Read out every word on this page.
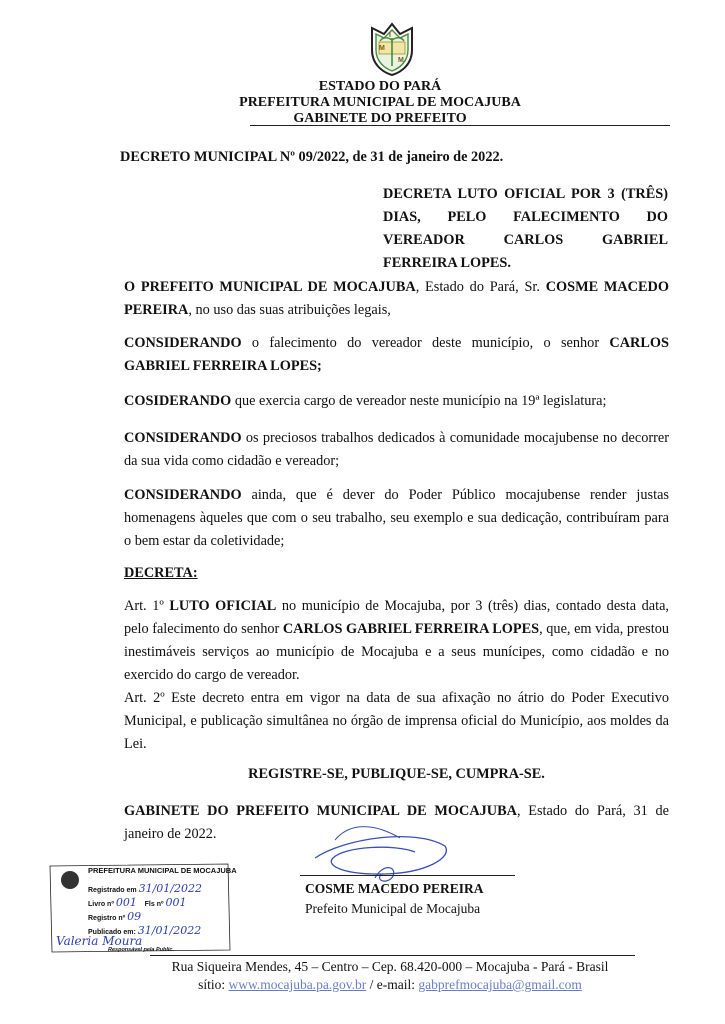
M
I
M
ESTADO DO PARÁ
PREFEITURA MUNICIPAL DE MOCAJUBA
GABINETE DO PREFEITO
DECRETO MUNICIPAL Nº 09/2022, de 31 de janeiro de 2022.
DECRETA LUTO OFICIAL POR 3 (TRÊS)
DIAS, PELO FALECIMENTO DO
VEREADOR CARLOS GABRIEL
FERREIRA LOPES.
O PREFEITO MUNICIPAL DE MOCAJUBA, Estado do Pará, Sr. COSME MACEDO PEREIRA, no uso das suas atribuições legais,
CONSIDERANDO o falecimento do vereador deste município, o senhor CARLOS GABRIEL FERREIRA LOPES;
COSIDERANDO que exercia cargo de vereador neste município na 19ª legislatura;
CONSIDERANDO os preciosos trabalhos dedicados à comunidade mocajubense no decorrer da sua vida como cidadão e vereador;
CONSIDERANDO ainda, que é dever do Poder Público mocajubense render justas homenagens àqueles que com o seu trabalho, seu exemplo e sua dedicação, contribuíram para o bem estar da coletividade;
DECRETA:
Art. 1º LUTO OFICIAL no município de Mocajuba, por 3 (três) dias, contado desta data, pelo falecimento do senhor CARLOS GABRIEL FERREIRA LOPES, que, em vida, prestou inestimáveis serviços ao município de Mocajuba e a seus munícipes, como cidadão e no exercido do cargo de vereador.
Art. 2º Este decreto entra em vigor na data de sua afixação no átrio do Poder Executivo Municipal, e publicação simultânea no órgão de imprensa oficial do Município, aos moldes da Lei.
REGISTRE-SE, PUBLIQUE-SE, CUMPRA-SE.
GABINETE DO PREFEITO MUNICIPAL DE MOCAJUBA, Estado do Pará, 31 de janeiro de 2022.
COSME MACEDO PEREIRA
Prefeito Municipal de Mocajuba
PREFEITURA MUNICIPAL DE MOCAJUBA
Registrado em 31/01/2022
Livro nº 001 Fls nº 001
Registro nº 09
Publicado em: 31/01/2022
Valeria Moura
Responsável pela Public.
Rua Siqueira Mendes, 45 – Centro – Cep. 68.420-000 – Mocajuba - Pará - Brasil
sítio: www.mocajuba.pa.gov.br / e-mail: gabprefmocajuba@gmail.com
